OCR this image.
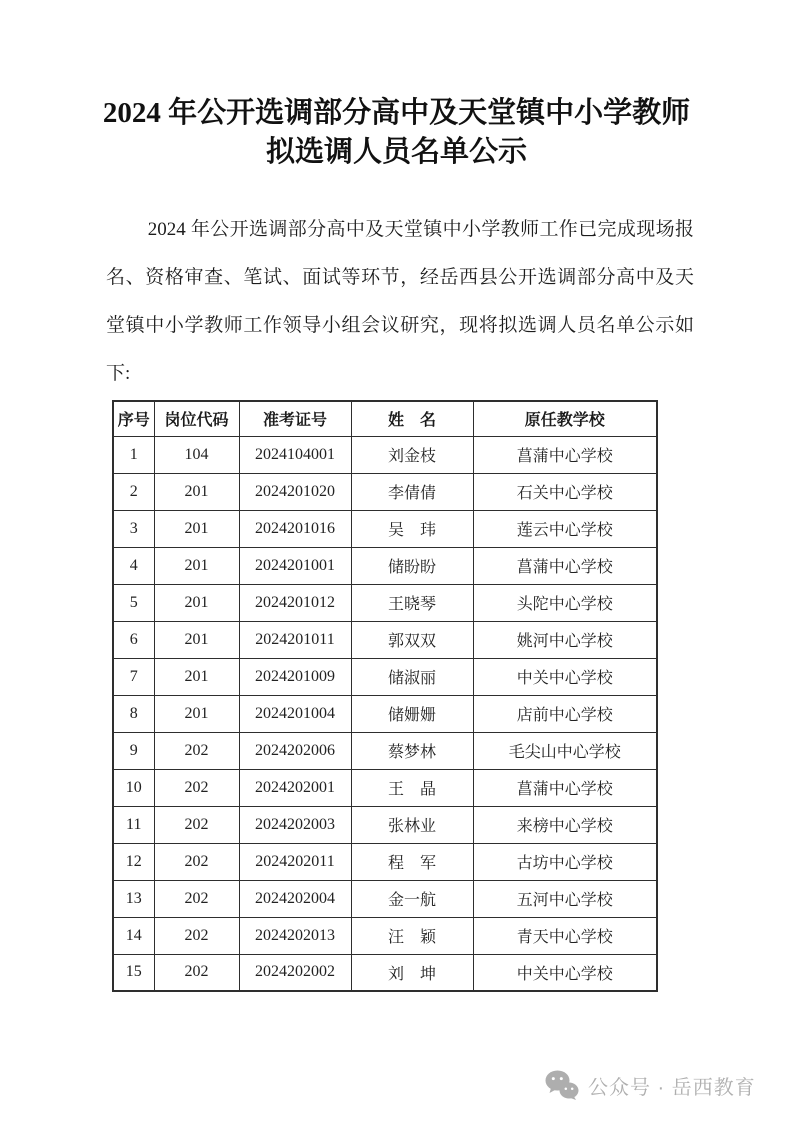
2024 年公开选调部分高中及天堂镇中小学教师
拟选调人员名单公示

2024 年公开选调部分高中及天堂镇中小学教师工作已完成现场报名、资格审查、笔试、面试等环节，经岳西县公开选调部分高中及天堂镇中小学教师工作领导小组会议研究，现将拟选调人员名单公示如下:

序号	岗位代码	准考证号	姓　名	原任教学校
1	104	2024104001	刘金枝	菖蒲中心学校
2	201	2024201020	李倩倩	石关中心学校
3	201	2024201016	吴　玮	莲云中心学校
4	201	2024201001	储盼盼	菖蒲中心学校
5	201	2024201012	王晓琴	头陀中心学校
6	201	2024201011	郭双双	姚河中心学校
7	201	2024201009	储淑丽	中关中心学校
8	201	2024201004	储姗姗	店前中心学校
9	202	2024202006	蔡梦林	毛尖山中心学校
10	202	2024202001	王　晶	菖蒲中心学校
11	202	2024202003	张林业	来榜中心学校
12	202	2024202011	程　军	古坊中心学校
13	202	2024202004	金一航	五河中心学校
14	202	2024202013	汪　颖	青天中心学校
15	202	2024202002	刘　坤	中关中心学校
公众号 · 岳西教育
